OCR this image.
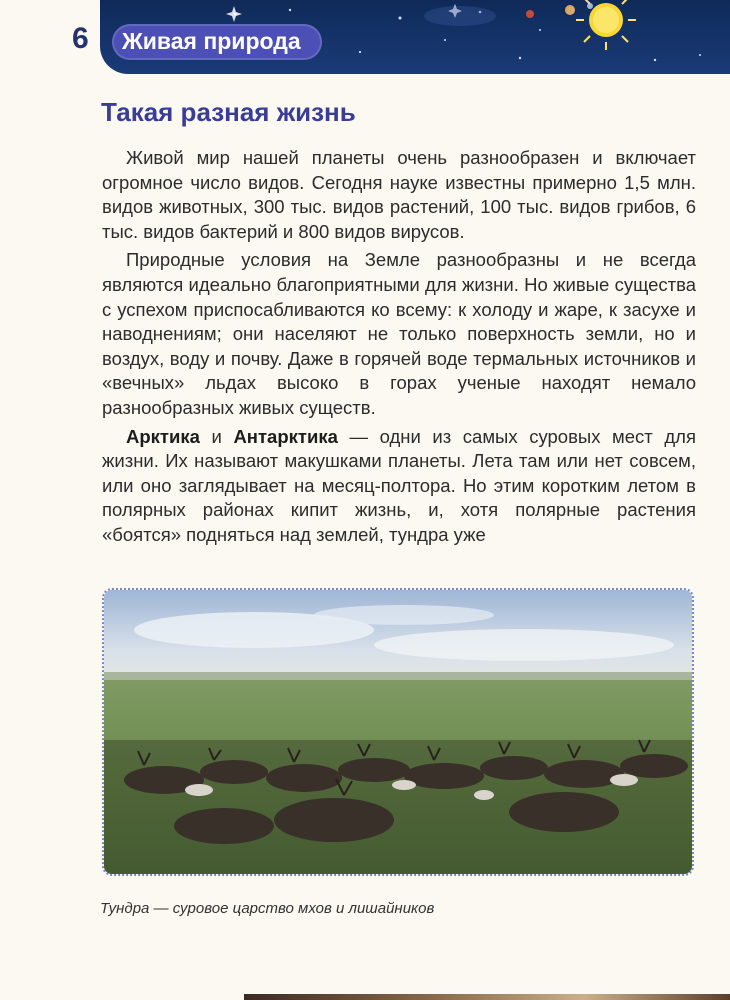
6 Живая природа
Такая разная жизнь

Живой мир нашей планеты очень разнообразен и включает огромное число видов. Сегодня науке известны примерно 1,5 млн. видов животных, 300 тыс. видов растений, 100 тыс. видов грибов, 6 тыс. видов бактерий и 800 видов вирусов.

Природные условия на Земле разнообразны и не всегда являются идеально благоприятными для жизни. Но живые существа с успехом приспосабливаются ко всему: к холоду и жаре, к засухе и наводнениям; они населяют не только поверхность земли, но и воздух, воду и почву. Даже в горячей воде термальных источников и «вечных» льдах высоко в горах ученые находят немало разнообразных живых существ.

Арктика и Антарктика — одни из самых суровых мест для жизни. Их называют макушками планеты. Лета там или нет совсем, или оно заглядывает на месяц-полтора. Но этим коротким летом в полярных районах кипит жизнь, и, хотя полярные растения «боятся» подняться над землей, тундра уже

Тундра — суровое царство мхов и лишайников
